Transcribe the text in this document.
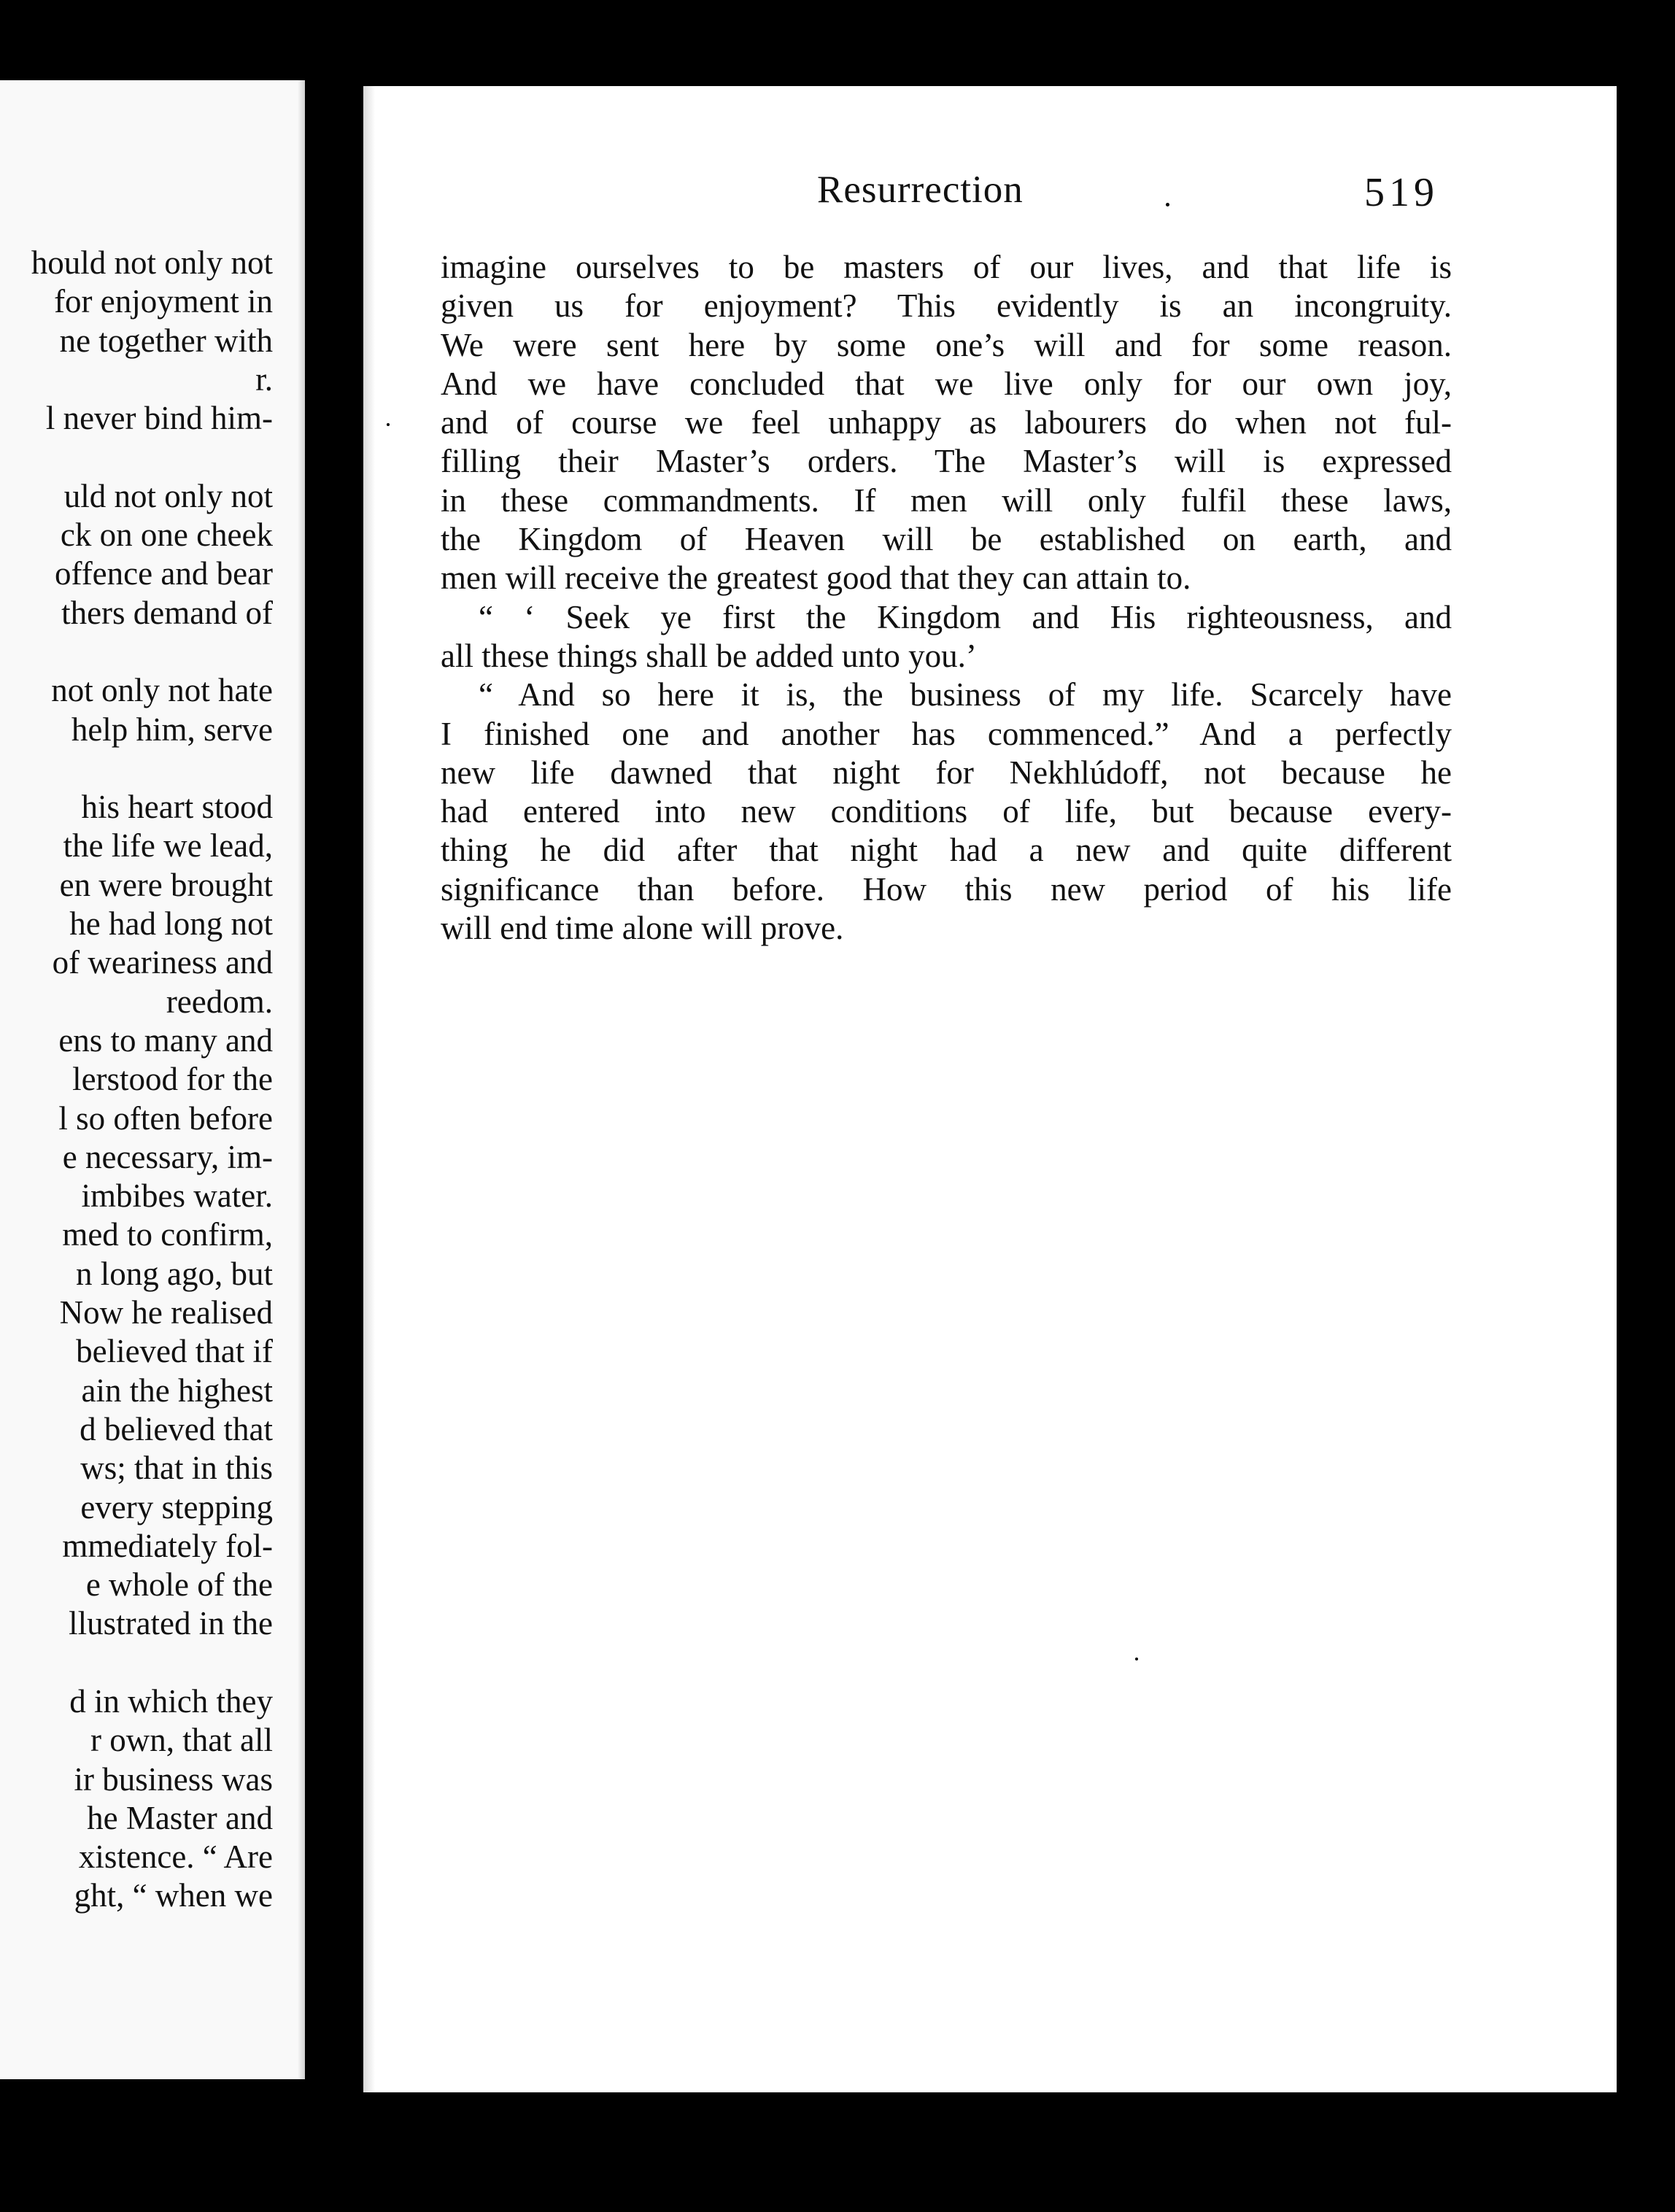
hould not only not
for enjoyment in
ne together with
r.
l never bind him-
uld not only not
ck on one cheek
offence and bear
thers demand of
not only not hate
help him, serve
his heart stood
the life we lead,
en were brought
he had long not
of weariness and
reedom.
ens to many and
lerstood for the
l so often before
e necessary, im-
imbibes water.
med to confirm,
n long ago, but
Now he realised
believed that if
ain the highest
d believed that
ws; that in this
every stepping
mmediately fol-
e whole of the
llustrated in the
d in which they
r own, that all
ir business was
he Master and
xistence. “ Are
ght, “ when we
Resurrection	519

imagine ourselves to be masters of our lives, and that life is
given us for enjoyment? This evidently is an incongruity.
We were sent here by some one’s will and for some reason.
And we have concluded that we live only for our own joy,
and of course we feel unhappy as labourers do when not ful-
filling their Master’s orders. The Master’s will is expressed
in these commandments. If men will only fulfil these laws,
the Kingdom of Heaven will be established on earth, and
men will receive the greatest good that they can attain to.

“ ‘ Seek ye first the Kingdom and His righteousness, and
all these things shall be added unto you.’

“ And so here it is, the business of my life. Scarcely have
I finished one and another has commenced.” And a perfectly
new life dawned that night for Nekhlúdoff, not because he
had entered into new conditions of life, but because every-
thing he did after that night had a new and quite different
significance than before. How this new period of his life
will end time alone will prove.
